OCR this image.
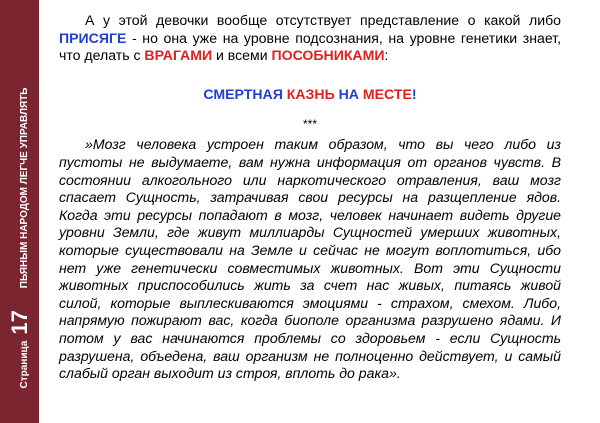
Страница
17
ПЬЯНЫМ НАРОДОМ ЛЕГЧЕ УПРАВЛЯТЬ

А у этой девочки вообще отсутствует представление о какой либо ПРИСЯГЕ - но она уже на уровне подсознания, на уровне генетики знает, что делать с ВРАГАМИ и всеми ПОСОБНИКАМИ:

СМЕРТНАЯ КАЗНЬ НА МЕСТЕ!

***

»Мозг человека устроен таким образом, что вы чего либо из пустоты не выдумаете, вам нужна информация от органов чувств. В состоянии алкогольного или наркотического отравления, ваш мозг спасает Сущность, затрачивая свои ресурсы на разщепление ядов. Когда эти ресурсы попадают в мозг, человек начинает видеть другие уровни Земли, где живут миллиарды Сущностей умерших животных, которые существовали на Земле и сейчас не могут воплотиться, ибо нет уже генетически совместимых животных. Вот эти Сущности животных приспособились жить за счет нас живых, питаясь живой силой, которые выплескиваются эмоциями - страхом, смехом. Либо, напрямую пожирают вас, когда биополе организма разрушено ядами. И потом у вас начинаются проблемы со здоровьем - если Сущность разрушена, объедена, ваш организм не полноценно действует, и самый слабый орган выходит из строя, вплоть до рака».
